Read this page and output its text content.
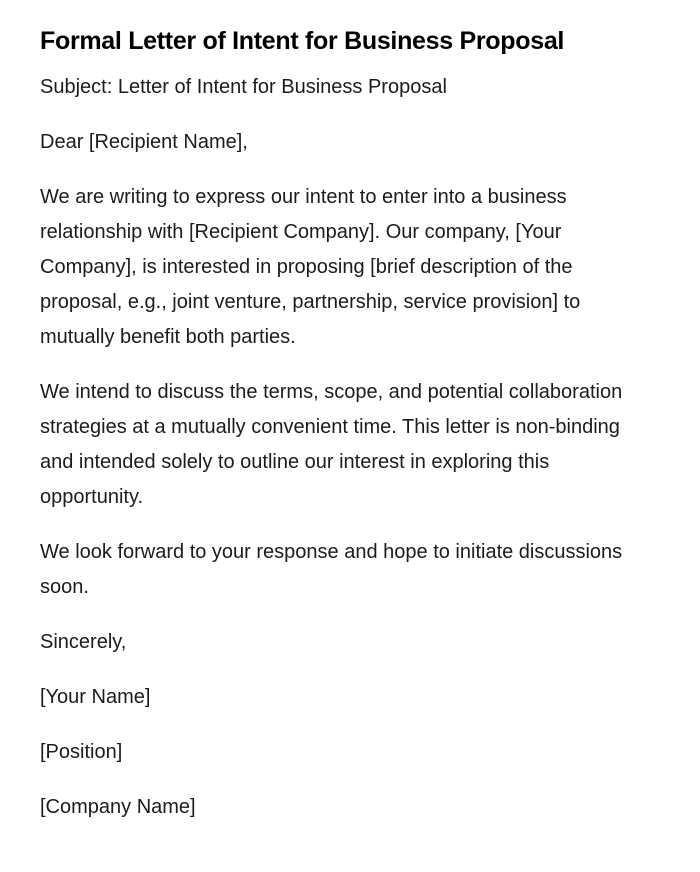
Formal Letter of Intent for Business Proposal

Subject: Letter of Intent for Business Proposal

Dear [Recipient Name],

We are writing to express our intent to enter into a business relationship with [Recipient Company]. Our company, [Your Company], is interested in proposing [brief description of the proposal, e.g., joint venture, partnership, service provision] to mutually benefit both parties.

We intend to discuss the terms, scope, and potential collaboration strategies at a mutually convenient time. This letter is non-binding and intended solely to outline our interest in exploring this opportunity.

We look forward to your response and hope to initiate discussions soon.

Sincerely,

[Your Name]

[Position]

[Company Name]
